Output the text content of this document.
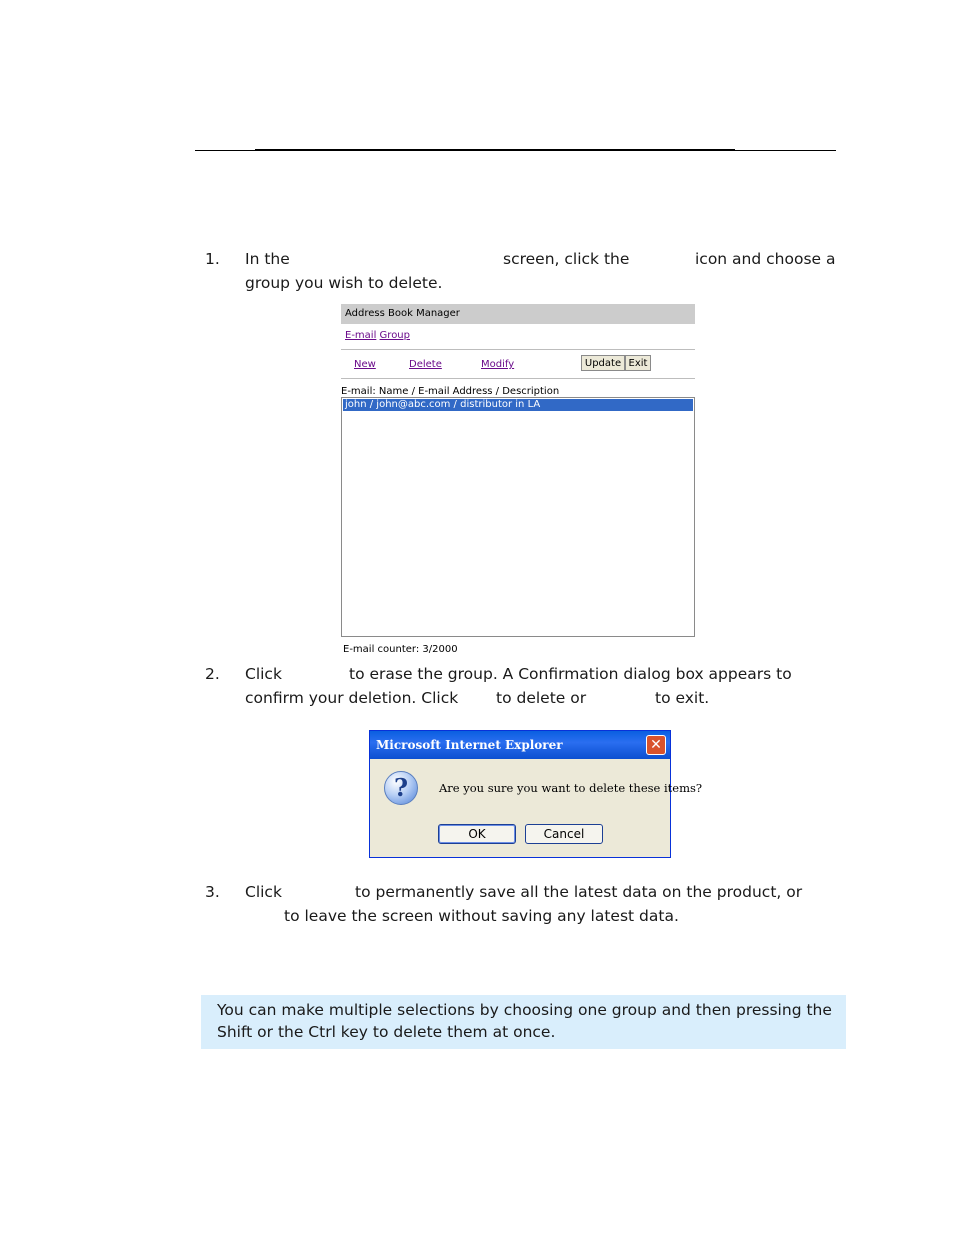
1. In the	screen, click the	icon and choose a
group you wish to delete.
Address Book Manager
E-mail Group
New	Delete	Modify	Update Exit
E-mail: Name / E-mail Address / Description
john / john@abc.com / distributor in LA
E-mail counter: 3/2000
2. Click	to erase the group. A Confirmation dialog box appears to
confirm your deletion. Click to delete or	to exit.
Microsoft Internet Explorer	✕
?	Are you sure you want to delete these items?
OK	Cancel
3. Click	to permanently save all the latest data on the product, or
to leave the screen without saving any latest data.
You can make multiple selections by choosing one group and then pressing the
Shift or the Ctrl key to delete them at once.
